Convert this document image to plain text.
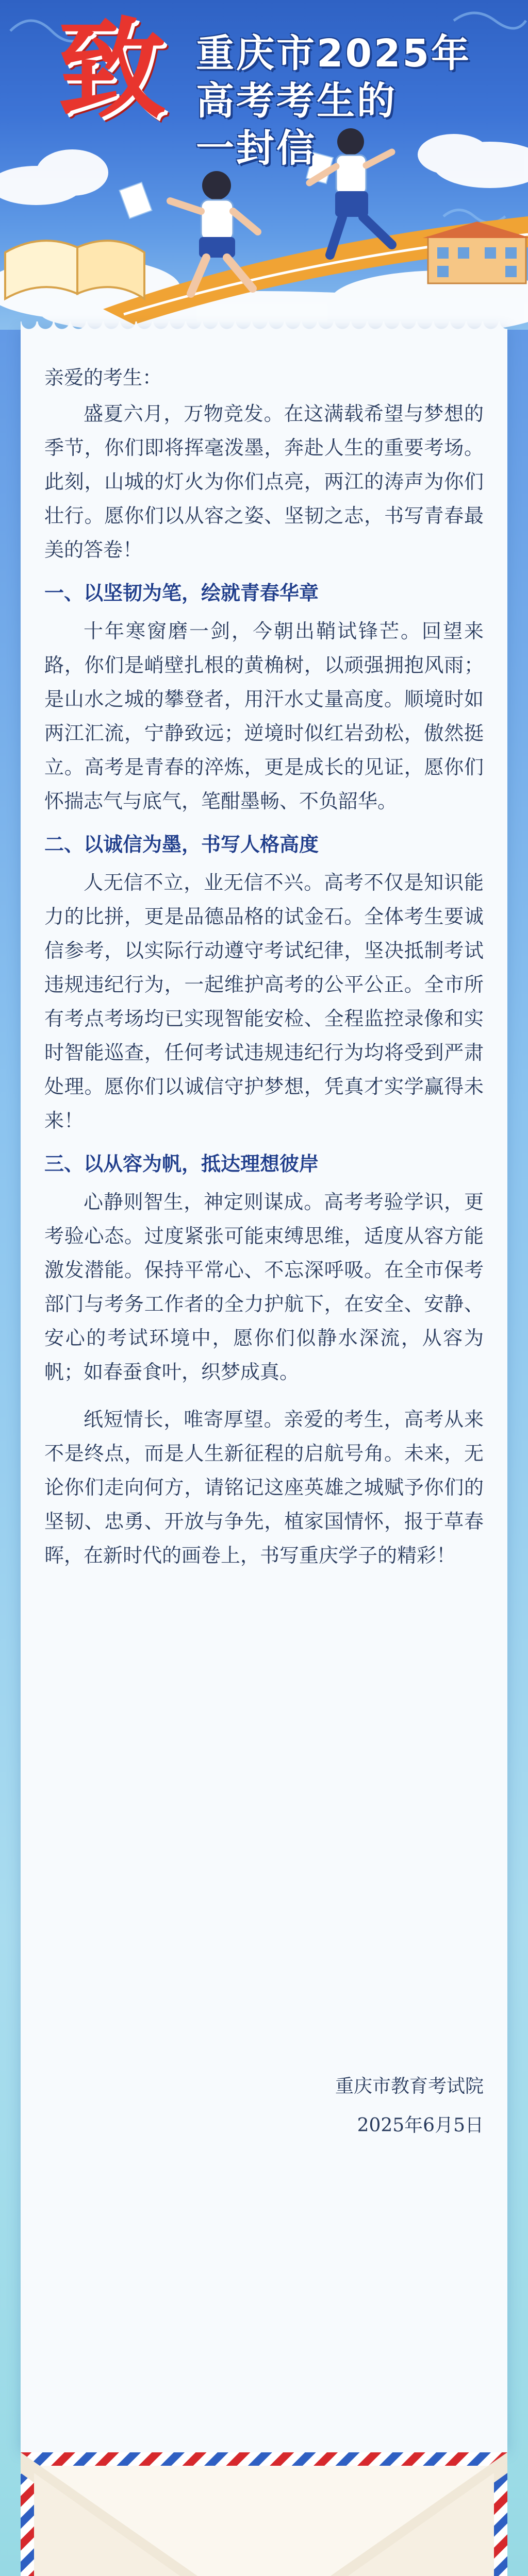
致 重庆市2025年
高考考生的
一封信

亲爱的考生：

盛夏六月，万物竞发。在这满载希望与梦想的季节，你们即将挥毫泼墨，奔赴人生的重要考场。此刻，山城的灯火为你们点亮，两江的涛声为你们壮行。愿你们以从容之姿、坚韧之志，书写青春最美的答卷！

一、以坚韧为笔，绘就青春华章

十年寒窗磨一剑，今朝出鞘试锋芒。回望来路，你们是峭壁扎根的黄桷树，以顽强拥抱风雨；是山水之城的攀登者，用汗水丈量高度。顺境时如两江汇流，宁静致远；逆境时似红岩劲松，傲然挺立。高考是青春的淬炼，更是成长的见证，愿你们怀揣志气与底气，笔酣墨畅、不负韶华。

二、以诚信为墨，书写人格高度

人无信不立，业无信不兴。高考不仅是知识能力的比拼，更是品德品格的试金石。全体考生要诚信参考，以实际行动遵守考试纪律，坚决抵制考试违规违纪行为，一起维护高考的公平公正。全市所有考点考场均已实现智能安检、全程监控录像和实时智能巡查，任何考试违规违纪行为均将受到严肃处理。愿你们以诚信守护梦想，凭真才实学赢得未来！

三、以从容为帆，抵达理想彼岸

心静则智生，神定则谋成。高考考验学识，更考验心态。过度紧张可能束缚思维，适度从容方能激发潜能。保持平常心、不忘深呼吸。在全市保考部门与考务工作者的全力护航下，在安全、安静、安心的考试环境中，愿你们似静水深流，从容为帆；如春蚕食叶，织梦成真。

纸短情长，唯寄厚望。亲爱的考生，高考从来不是终点，而是人生新征程的启航号角。未来，无论你们走向何方，请铭记这座英雄之城赋予你们的坚韧、忠勇、开放与争先，植家国情怀，报于草春晖，在新时代的画卷上，书写重庆学子的精彩！

重庆市教育考试院
2025年6月5日
